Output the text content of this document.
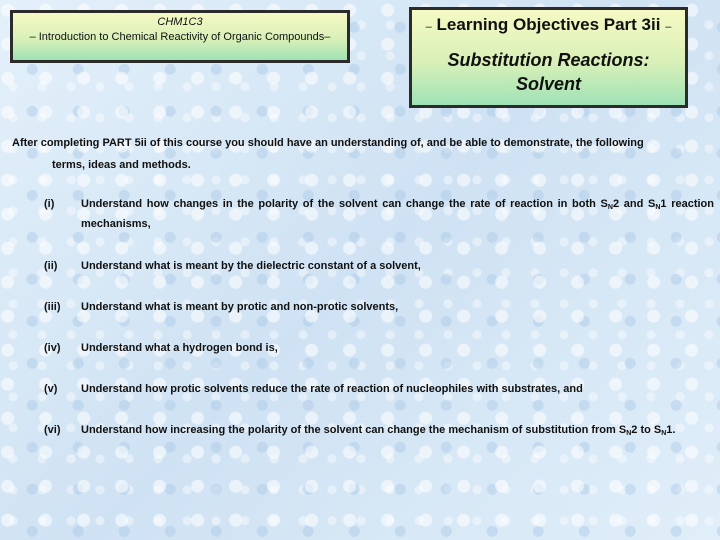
CHM1C3
– Introduction to Chemical Reactivity of Organic Compounds–
– Learning Objectives Part 3ii –
Substitution Reactions:
Solvent
After completing PART 5ii of this course you should have an understanding of, and be able to demonstrate, the following
terms, ideas and methods.
(i)	Understand how changes in the polarity of the solvent can change the rate of reaction in both $S_N2$ and $S_N1$ reaction mechanisms,
(ii)	Understand what is meant by the dielectric constant of a solvent,
(iii)	Understand what is meant by protic and non-protic solvents,
(iv)	Understand what a hydrogen bond is,
(v)	Understand how protic solvents reduce the rate of reaction of nucleophiles with substrates, and
(vi)	Understand how increasing the polarity of the solvent can change the mechanism of substitution from $S_N2$ to $S_N1$.
